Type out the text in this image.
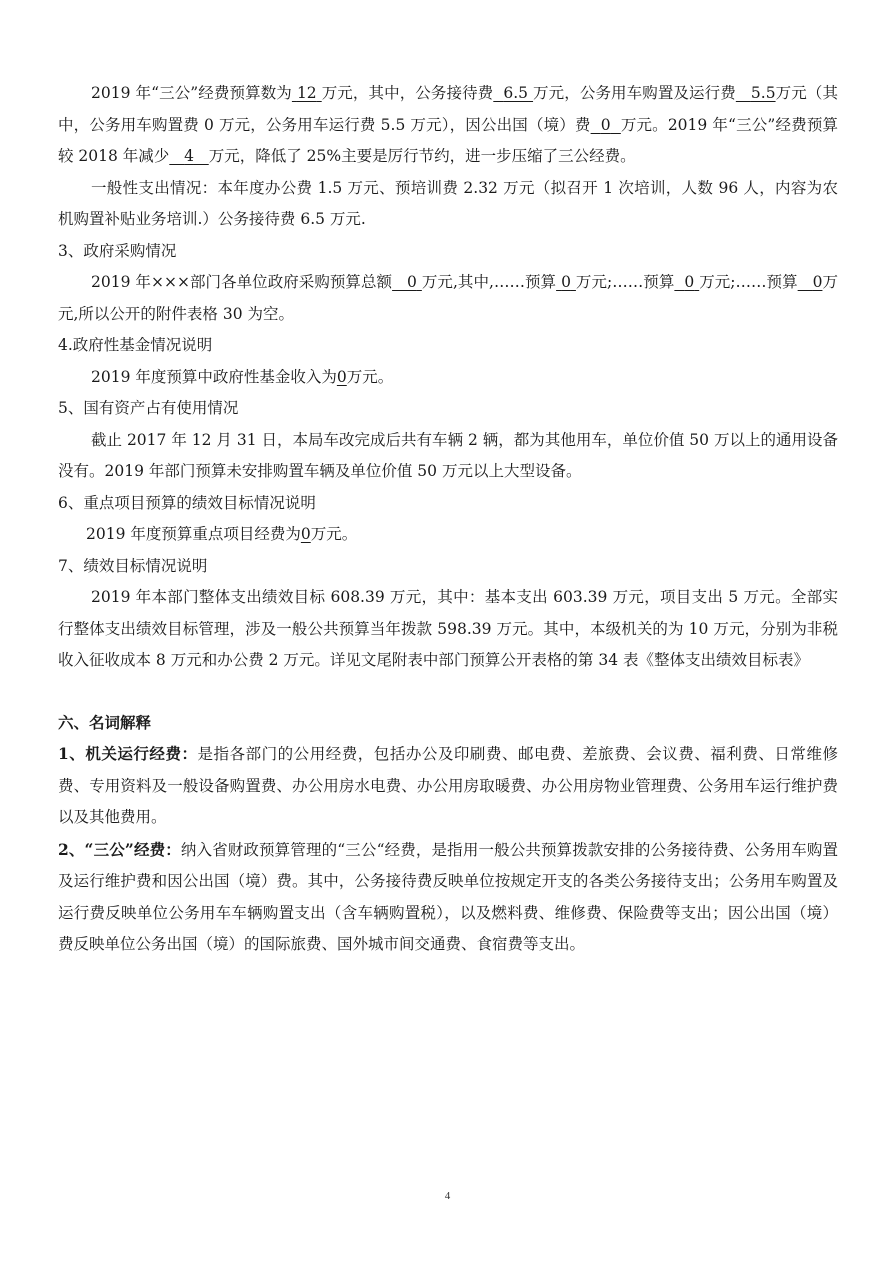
2019 年“三公”经费预算数为 12 万元，其中，公务接待费 6.5 万元，公务用车购置及运行费 5.5万元（其中，公务用车购置费 0 万元，公务用车运行费 5.5 万元），因公出国（境）费 0 万元。2019 年“三公”经费预算较 2018 年减少 4 万元，降低了 25%主要是厉行节约，进一步压缩了三公经费。

一般性支出情况：本年度办公费 1.5 万元、预培训费 2.32 万元（拟召开 1 次培训，人数 96 人，内容为农机购置补贴业务培训.）公务接待费 6.5 万元.

3、政府采购情况

2019 年×××部门各单位政府采购预算总额 0 万元,其中,……预算 0 万元;……预算 0 万元;……预算 0万元,所以公开的附件表格 30 为空。

4.政府性基金情况说明

2019 年度预算中政府性基金收入为0万元。

5、国有资产占有使用情况

截止 2017 年 12 月 31 日，本局车改完成后共有车辆 2 辆，都为其他用车，单位价值 50 万以上的通用设备没有。2019 年部门预算未安排购置车辆及单位价值 50 万元以上大型设备。

6、重点项目预算的绩效目标情况说明

2019 年度预算重点项目经费为0万元。

7、绩效目标情况说明

2019 年本部门整体支出绩效目标 608.39 万元，其中：基本支出 603.39 万元，项目支出 5 万元。全部实行整体支出绩效目标管理，涉及一般公共预算当年拨款 598.39 万元。其中，本级机关的为 10 万元，分别为非税收入征收成本 8 万元和办公费 2 万元。详见文尾附表中部门预算公开表格的第 34 表《整体支出绩效目标表》

六、名词解释

1、机关运行经费：是指各部门的公用经费，包括办公及印刷费、邮电费、差旅费、会议费、福利费、日常维修费、专用资料及一般设备购置费、办公用房水电费、办公用房取暖费、办公用房物业管理费、公务用车运行维护费以及其他费用。

2、“三公”经费：纳入省财政预算管理的“三公“经费，是指用一般公共预算拨款安排的公务接待费、公务用车购置及运行维护费和因公出国（境）费。其中，公务接待费反映单位按规定开支的各类公务接待支出；公务用车购置及运行费反映单位公务用车车辆购置支出（含车辆购置税），以及燃料费、维修费、保险费等支出；因公出国（境）费反映单位公务出国（境）的国际旅费、国外城市间交通费、食宿费等支出。

4
